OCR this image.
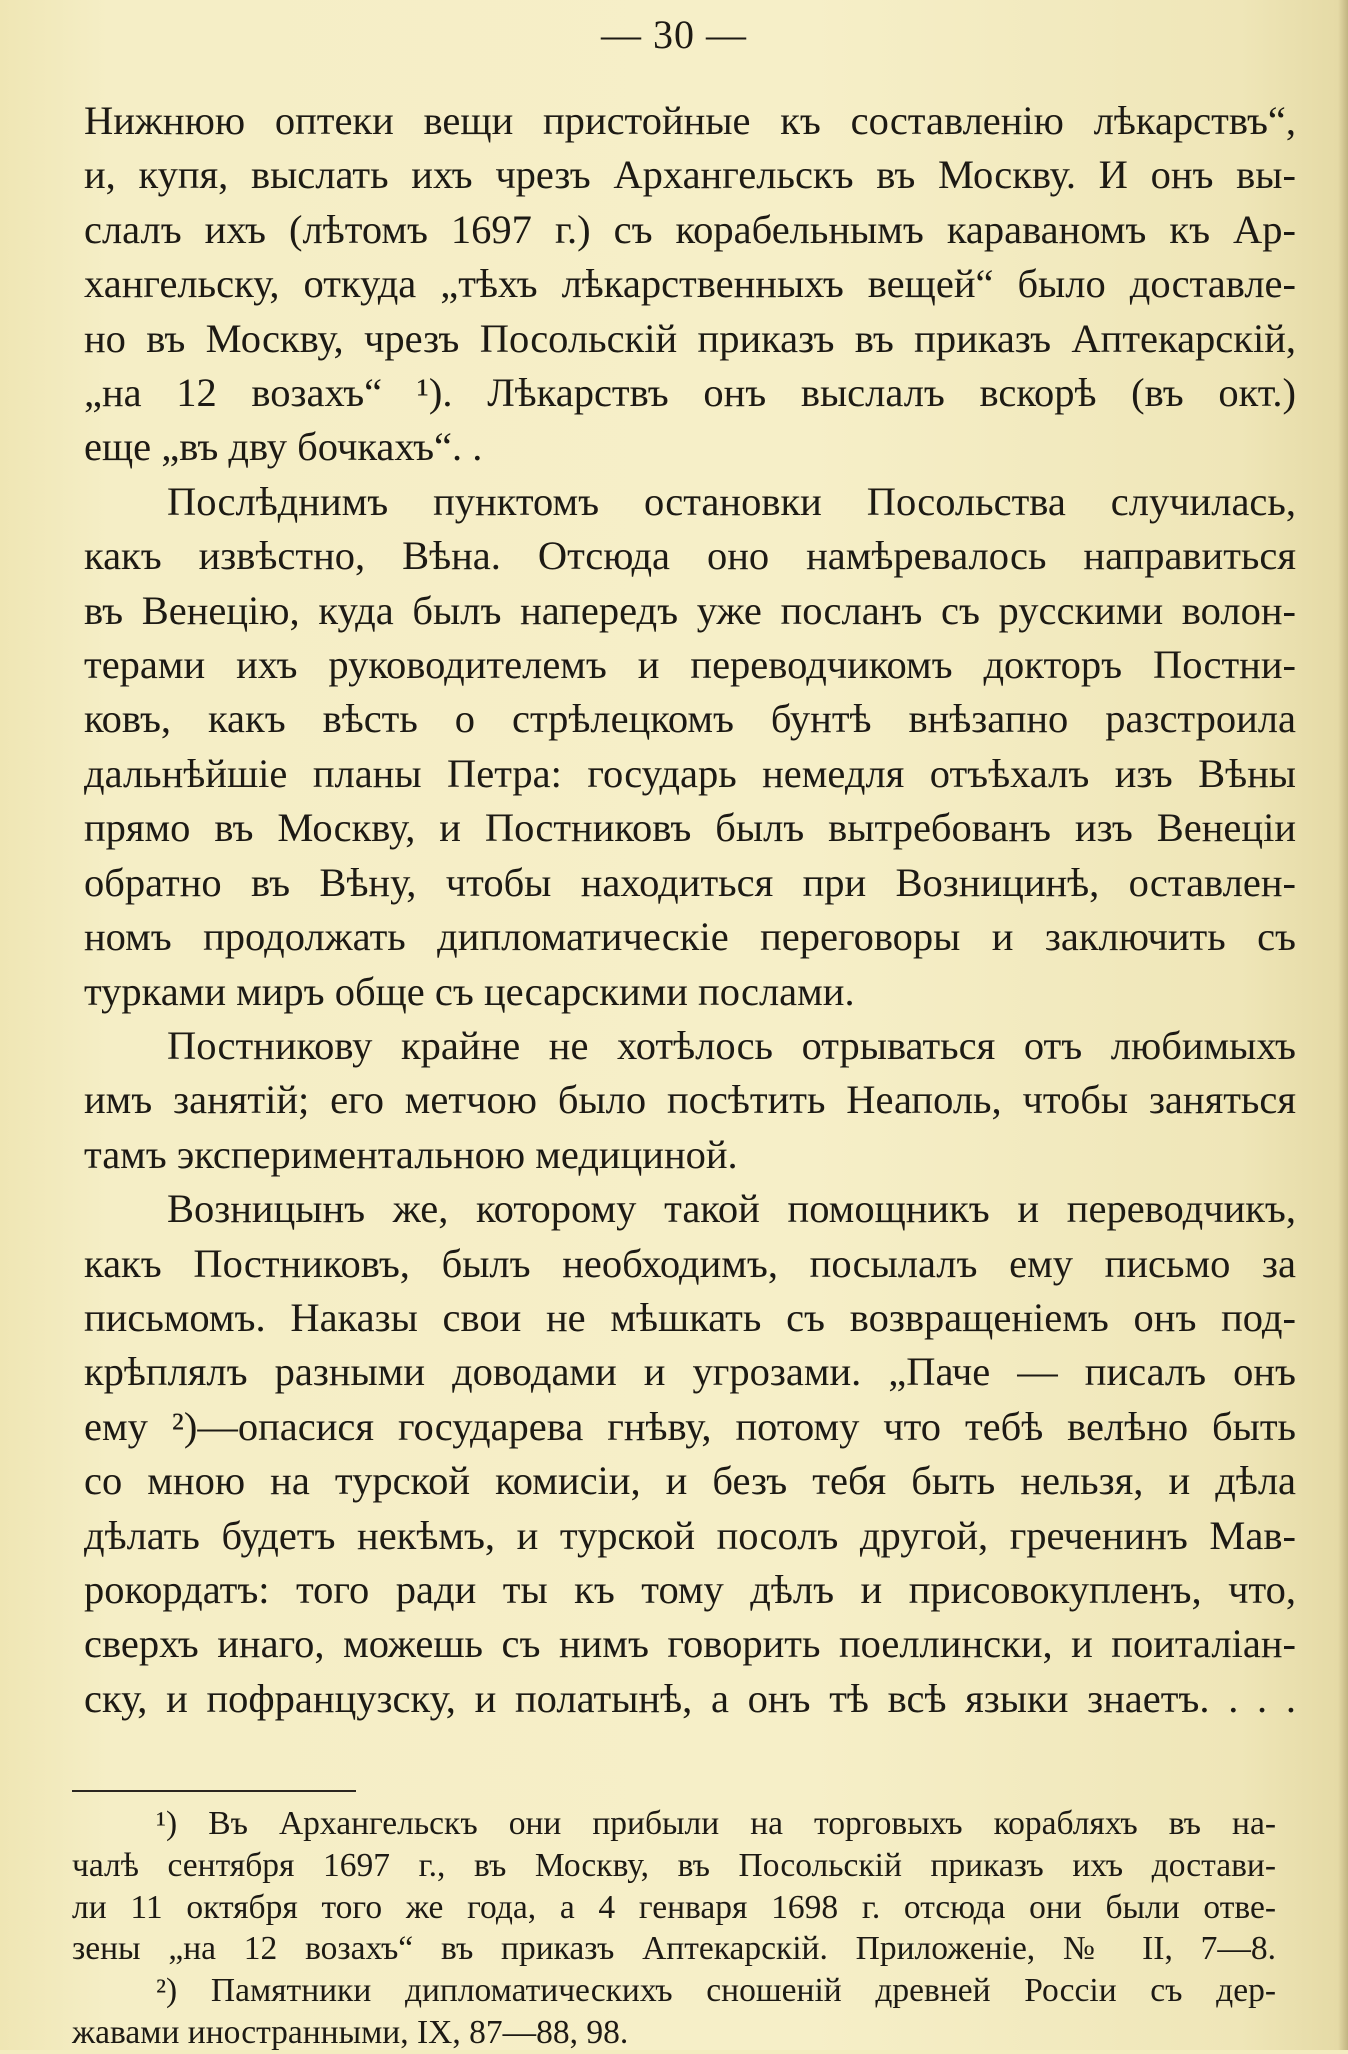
— 30 —

Нижнюю оптеки вещи пристойные къ составленію лѣкарствъ“,
и, купя, выслать ихъ чрезъ Архангельскъ въ Москву. И онъ вы-
слалъ ихъ (лѣтомъ 1697 г.) съ корабельнымъ караваномъ къ Ар-
хангельску, откуда „тѣхъ лѣкарственныхъ вещей“ было доставле-
но въ Москву, чрезъ Посольскій приказъ въ приказъ Аптекарскій,
„на 12 возахъ“ ¹). Лѣкарствъ онъ выслалъ вскорѣ (въ окт.)
еще „въ дву бочкахъ“. .

Послѣднимъ пунктомъ остановки Посольства случилась,
какъ извѣстно, Вѣна. Отсюда оно намѣревалось направиться
въ Венецію, куда былъ напередъ уже посланъ съ русскими волон-
терами ихъ руководителемъ и переводчикомъ докторъ Постни-
ковъ, какъ вѣсть о стрѣлецкомъ бунтѣ внѣзапно разстроила
дальнѣйшіе планы Петра: государь немедля отъѣхалъ изъ Вѣны
прямо въ Москву, и Постниковъ былъ вытребованъ изъ Венеціи
обратно въ Вѣну, чтобы находиться при Возницинѣ, оставлен-
номъ продолжать дипломатическіе переговоры и заключить съ
турками миръ обще съ цесарскими послами.

Постникову крайне не хотѣлось отрываться отъ любимыхъ
имъ занятій; его метчою было посѣтить Неаполь, чтобы заняться
тамъ экспериментальною медициной.

Возницынъ же, которому такой помощникъ и переводчикъ,
какъ Постниковъ, былъ необходимъ, посылалъ ему письмо за
письмомъ. Наказы свои не мѣшкать съ возвращеніемъ онъ под-
крѣплялъ разными доводами и угрозами. „Паче — писалъ онъ
ему ²)—опасися государева гнѣву, потому что тебѣ велѣно быть
со мною на турской комисіи, и безъ тебя быть нельзя, и дѣла
дѣлать будетъ некѣмъ, и турской посолъ другой, греченинъ Мав-
рокордатъ: того ради ты къ тому дѣлъ и присовокупленъ, что,
сверхъ инаго, можешь съ нимъ говорить поеллински, и поиталіан-
ску, и пофранцузску, и полатынѣ, а онъ тѣ всѣ языки знаетъ. . . .

¹) Въ Архангельскъ они прибыли на торговыхъ корабляхъ въ на-
чалѣ сентября 1697 г., въ Москву, въ Посольскій приказъ ихъ достави-
ли 11 октября того же года, а 4 генваря 1698 г. отсюда они были отве-
зены „на 12 возахъ“ въ приказъ Аптекарскій. Приложеніе, № II, 7—8.
²) Памятники дипломатическихъ сношеній древней Россіи съ дер-
жавами иностранными, IX, 87—88, 98.
